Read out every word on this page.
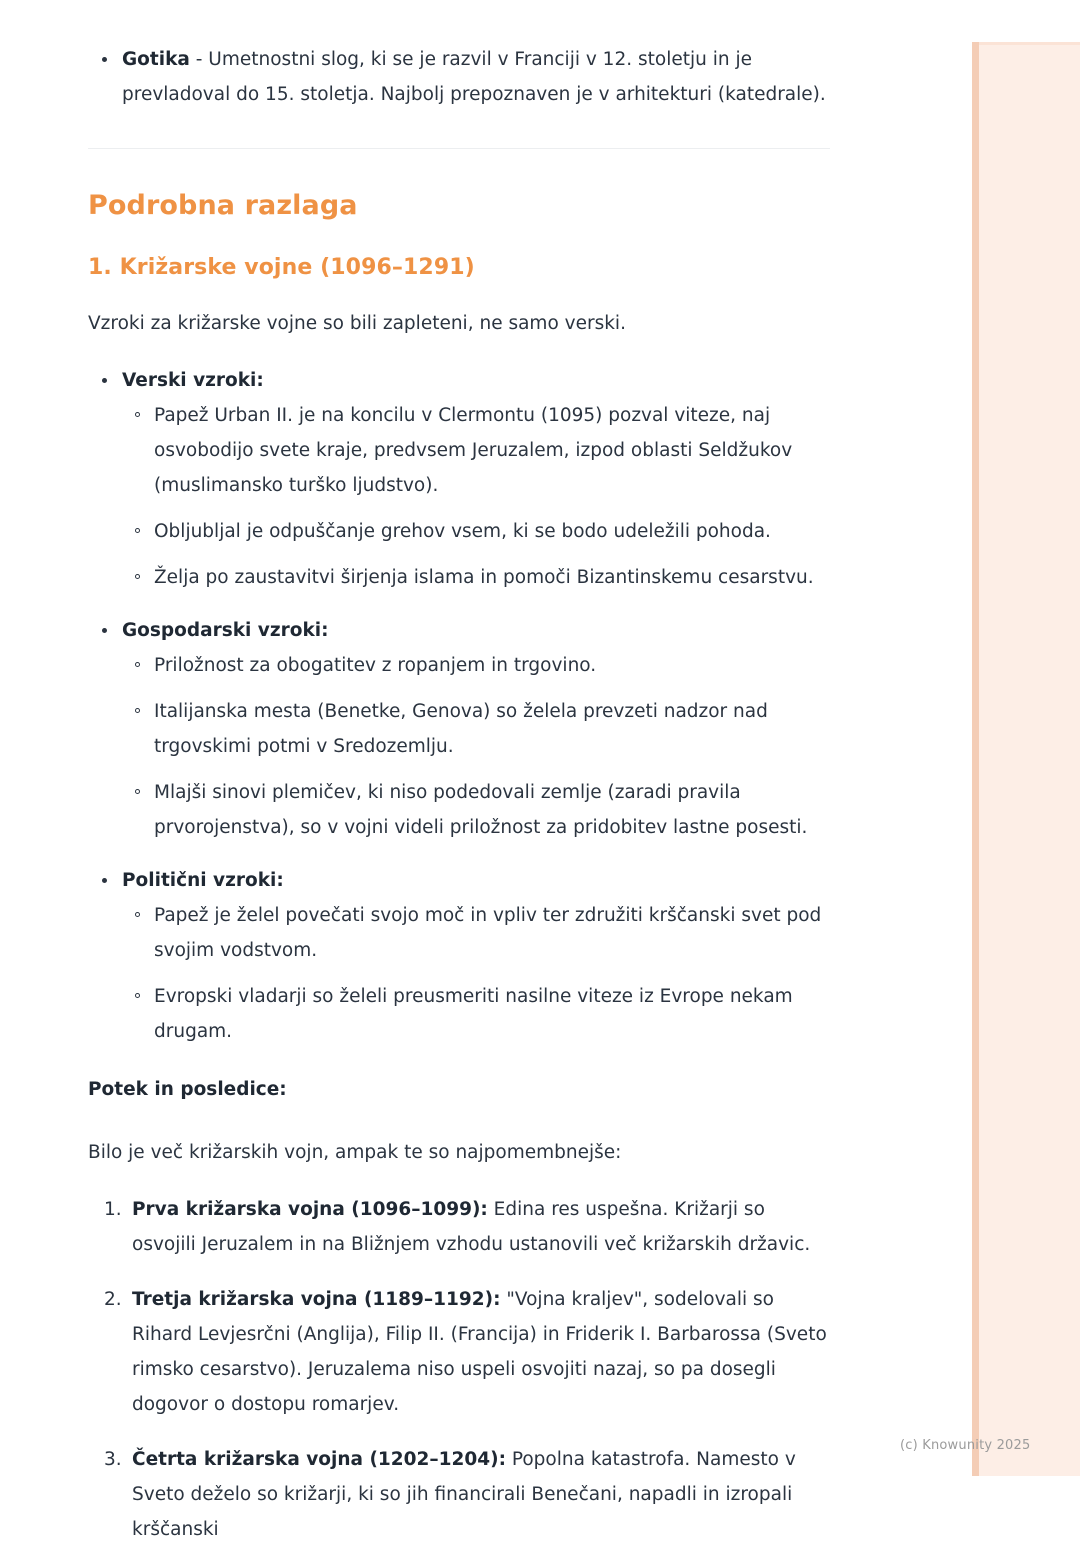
Gotika - Umetnostni slog, ki se je razvil v Franciji v 12. stoletju in je prevladoval do 15. stoletja. Najbolj prepoznaven je v arhitekturi (katedrale).
Podrobna razlaga
1. Križarske vojne (1096–1291)

Vzroki za križarske vojne so bili zapleteni, ne samo verski.

Verski vzroki:
Papež Urban II. je na koncilu v Clermontu (1095) pozval viteze, naj osvobodijo svete kraje, predvsem Jeruzalem, izpod oblasti Seldžukov (muslimansko turško ljudstvo).
Obljubljal je odpuščanje grehov vsem, ki se bodo udeležili pohoda.
Želja po zaustavitvi širjenja islama in pomoči Bizantinskemu cesarstvu.
Gospodarski vzroki:
Priložnost za obogatitev z ropanjem in trgovino.
Italijanska mesta (Benetke, Genova) so želela prevzeti nadzor nad trgovskimi potmi v Sredozemlju.
Mlajši sinovi plemičev, ki niso podedovali zemlje (zaradi pravila prvorojenstva), so v vojni videli priložnost za pridobitev lastne posesti.
Politični vzroki:
Papež je želel povečati svojo moč in vpliv ter združiti krščanski svet pod svojim vodstvom.
Evropski vladarji so želeli preusmeriti nasilne viteze iz Evrope nekam drugam.

Potek in posledice:

Bilo je več križarskih vojn, ampak te so najpomembnejše:

Prva križarska vojna (1096–1099): Edina res uspešna. Križarji so osvojili Jeruzalem in na Bližnjem vzhodu ustanovili več križarskih državic.
Tretja križarska vojna (1189–1192): "Vojna kraljev", sodelovali so Rihard Levjesrčni (Anglija), Filip II. (Francija) in Friderik I. Barbarossa (Sveto rimsko cesarstvo). Jeruzalema niso uspeli osvojiti nazaj, so pa dosegli dogovor o dostopu romarjev.
Četrta križarska vojna (1202–1204): Popolna katastrofa. Namesto v Sveto deželo so križarji, ki so jih financirali Benečani, napadli in izropali krščanski
(c) Knowunity 2025
